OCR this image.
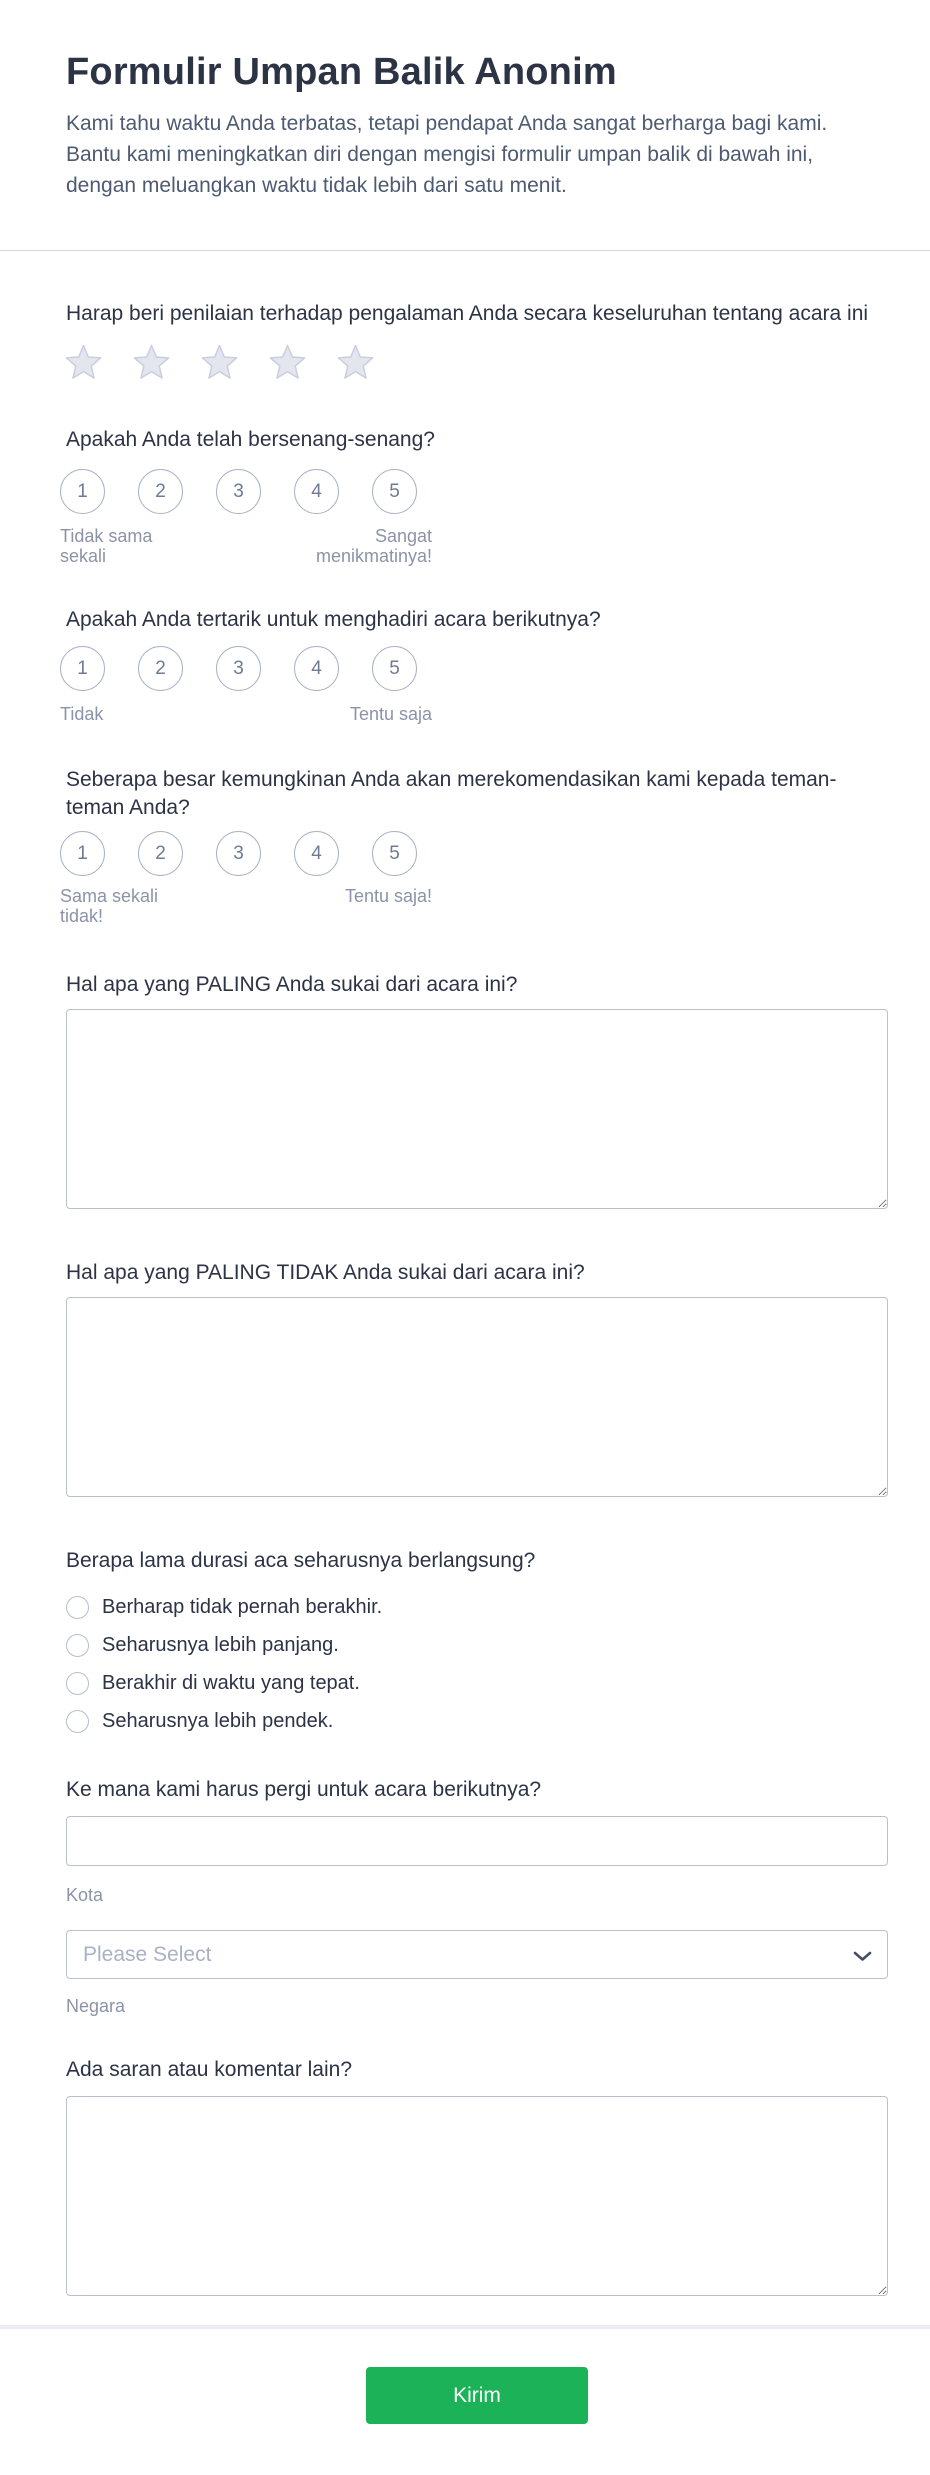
Formulir Umpan Balik Anonim

Kami tahu waktu Anda terbatas, tetapi pendapat Anda sangat berharga bagi kami. Bantu kami meningkatkan diri dengan mengisi formulir umpan balik di bawah ini, dengan meluangkan waktu tidak lebih dari satu menit.

Harap beri penilaian terhadap pengalaman Anda secara keseluruhan tentang acara ini
Apakah Anda telah bersenang-senang?
1	2	3	4	5
Tidak sama sekali
Sangat menikmatinya!
Apakah Anda tertarik untuk menghadiri acara berikutnya?
1	2	3	4	5
Tidak	Tentu saja
Seberapa besar kemungkinan Anda akan merekomendasikan kami kepada teman-
teman Anda?
1	2	3	4	5
Sama sekali tidak!
Tentu saja!
Hal apa yang PALING Anda sukai dari acara ini?
Hal apa yang PALING TIDAK Anda sukai dari acara ini?
Berapa lama durasi aca seharusnya berlangsung?
Berharap tidak pernah berakhir.
Seharusnya lebih panjang.
Berakhir di waktu yang tepat.
Seharusnya lebih pendek.
Ke mana kami harus pergi untuk acara berikutnya?
Kota
Please Select
Negara
Ada saran atau komentar lain?
Kirim
